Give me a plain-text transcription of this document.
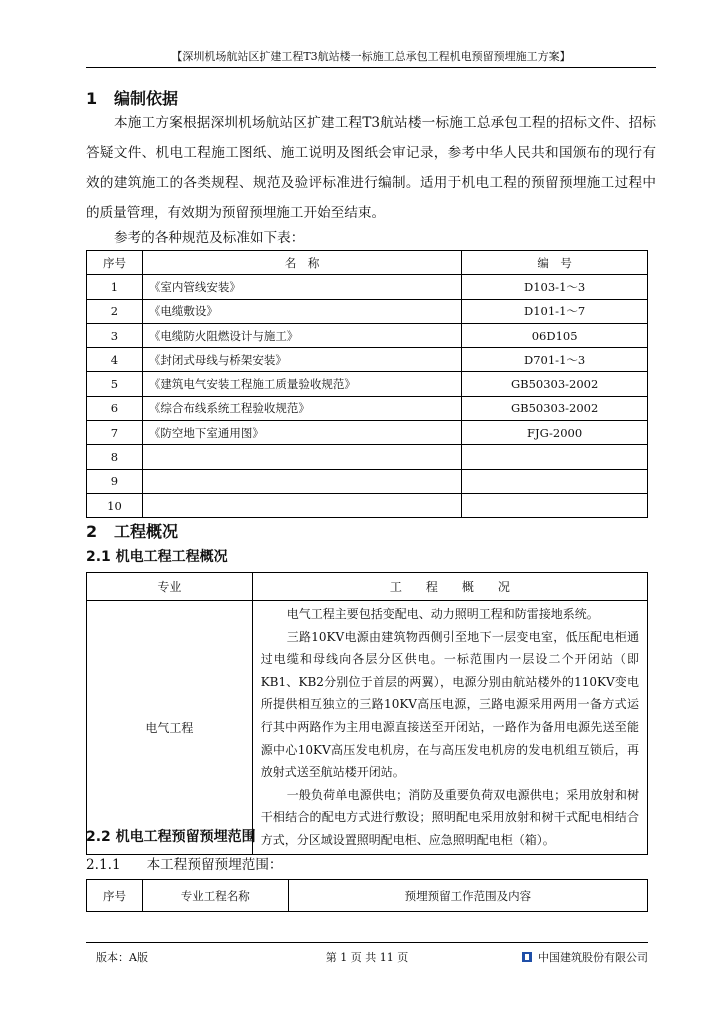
【深圳机场航站区扩建工程T3航站楼一标施工总承包工程机电预留预埋施工方案】
1 编制依据
本施工方案根据深圳机场航站区扩建工程T3航站楼一标施工总承包工程的招标文件、招标答疑文件、机电工程施工图纸、施工说明及图纸会审记录，参考中华人民共和国颁布的现行有效的建筑施工的各类规程、规范及验评标准进行编制。适用于机电工程的预留预埋施工过程中的质量管理，有效期为预留预埋施工开始至结束。
参考的各种规范及标准如下表：
序号	名　称	编　号
1	《室内管线安装》	D103-1～3
2	《电缆敷设》	D101-1～7
3	《电缆防火阻燃设计与施工》	06D105
4	《封闭式母线与桥架安装》	D701-1～3
5	《建筑电气安装工程施工质量验收规范》	GB50303-2002
6	《综合布线系统工程验收规范》	GB50303-2002
7	《防空地下室通用图》	FJG-2000
8		
9		
10		
2 工程概况
2.1 机电工程工程概况
专业	工　　程　　概　　况
电气工程	电气工程主要包括变配电、动力照明工程和防雷接地系统。

三路10KV电源由建筑物西侧引至地下一层变电室，低压配电柜通过电缆和母线向各层分区供电。一标范围内一层设二个开闭站（即KB1、KB2分别位于首层的两翼），电源分别由航站楼外的110KV变电所提供相互独立的三路10KV高压电源，三路电源采用两用一备方式运行其中两路作为主用电源直接送至开闭站，一路作为备用电源先送至能源中心10KV高压发电机房，在与高压发电机房的发电机组互锁后，再放射式送至航站楼开闭站。

一般负荷单电源供电；消防及重要负荷双电源供电；采用放射和树干相结合的配电方式进行敷设；照明配电采用放射和树干式配电相结合方式，分区域设置照明配电柜、应急照明配电柜（箱）。

2.2 机电工程预留预埋范围
2.1.1 本工程预留预埋范围：
序号	专业工程名称	预埋预留工作范围及内容
版本：A版	第 1 页 共 11 页	中国建筑股份有限公司
